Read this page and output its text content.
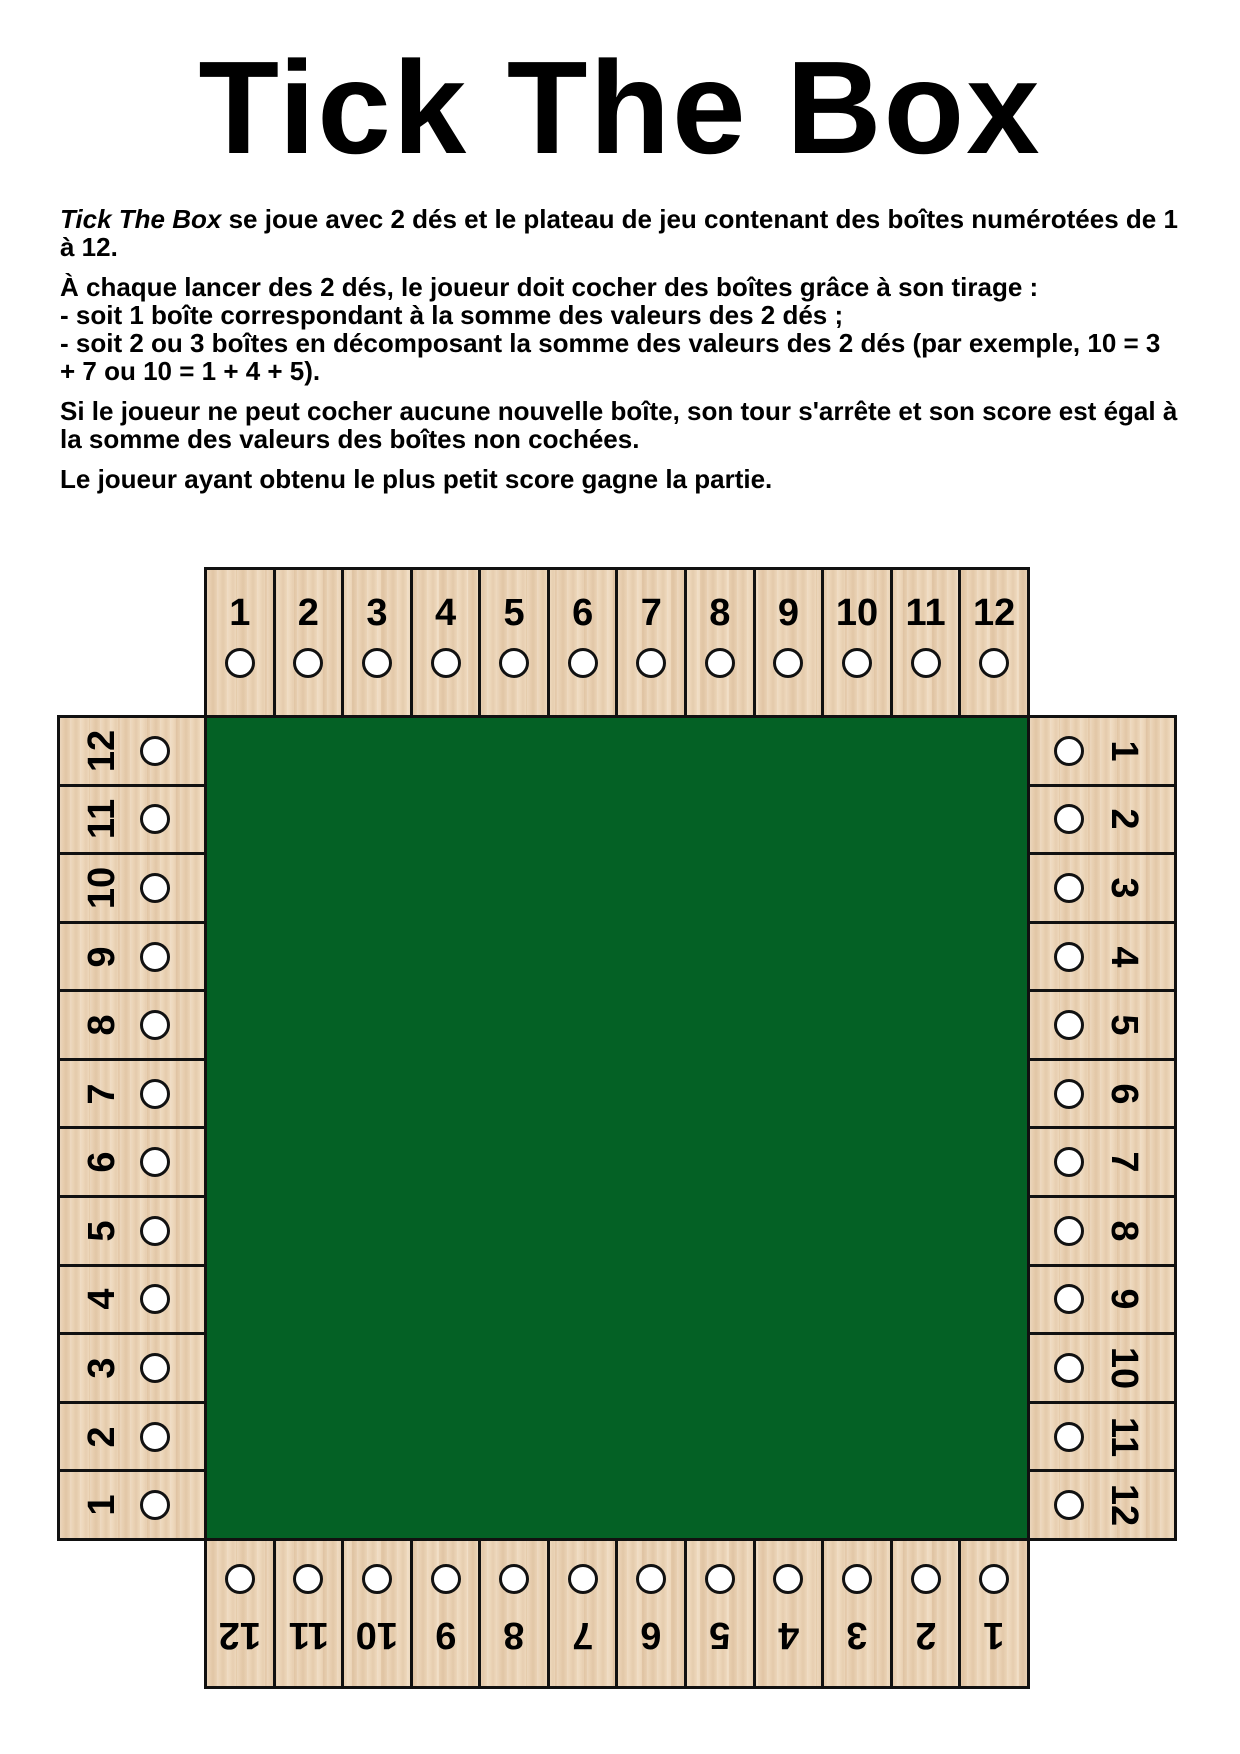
Tick The Box

Tick The Box se joue avec 2 dés et le plateau de jeu contenant des boîtes numérotées de 1 à 12.

À chaque lancer des 2 dés, le joueur doit cocher des boîtes grâce à son tirage :
- soit 1 boîte correspondant à la somme des valeurs des 2 dés ;
- soit 2 ou 3 boîtes en décomposant la somme des valeurs des 2 dés (par exemple, 10 = 3 + 7 ou 10 = 1 + 4 + 5).

Si le joueur ne peut cocher aucune nouvelle boîte, son tour s'arrête et son score est égal à la somme des valeurs des boîtes non cochées.

Le joueur ayant obtenu le plus petit score gagne la partie.

1	2	3	4	5	6	7	8	9 10 11 12
12 11 10 9	8	7	6	5	4	3	2	1
12
11
10
9
8
7
6
5
4
3
2
1
1
2
3
4
5
6
7
8
9
10
11
12
